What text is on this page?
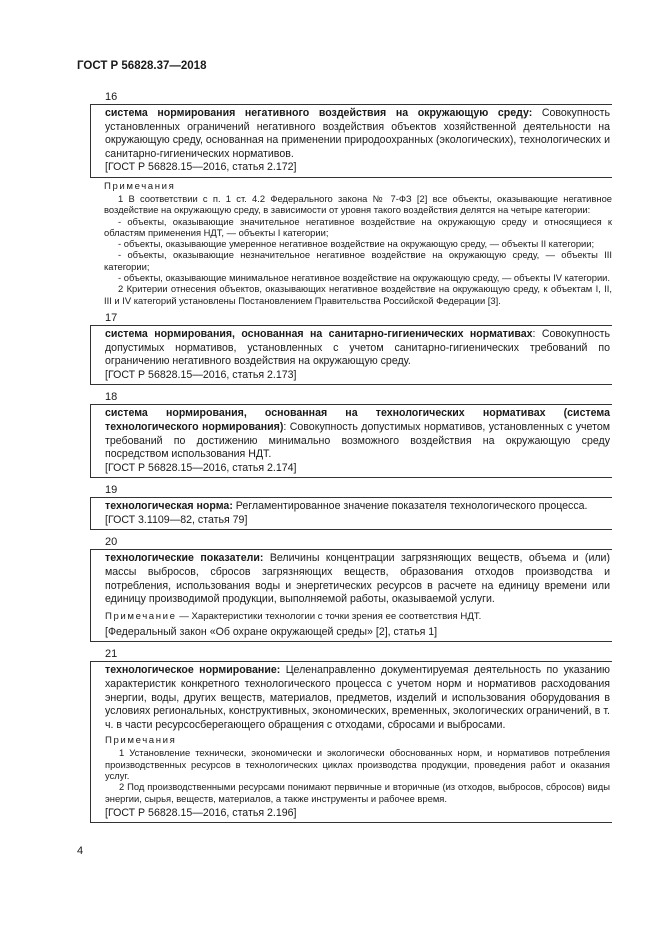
ГОСТ Р 56828.37—2018
16
система нормирования негативного воздействия на окружающую среду: Совокупность установленных ограничений негативного воздействия объектов хозяйственной деятельности на окружающую среду, основанная на применении природоохранных (экологических), технологических и санитарно-гигиенических нормативов.
[ГОСТ Р 56828.15—2016, статья 2.172]
Примечания

1 В соответствии с п. 1 ст. 4.2 Федерального закона № 7-ФЗ [2] все объекты, оказывающие негативное воздействие на окружающую среду, в зависимости от уровня такого воздействия делятся на четыре категории:

- объекты, оказывающие значительное негативное воздействие на окружающую среду и относящиеся к областям применения НДТ, — объекты I категории;

- объекты, оказывающие умеренное негативное воздействие на окружающую среду, — объекты II категории;

- объекты, оказывающие незначительное негативное воздействие на окружающую среду, — объекты III категории;

- объекты, оказывающие минимальное негативное воздействие на окружающую среду, — объекты IV категории.

2 Критерии отнесения объектов, оказывающих негативное воздействие на окружающую среду, к объектам I, II, III и IV категорий установлены Постановлением Правительства Российской Федерации [3].

17
система нормирования, основанная на санитарно-гигиенических нормативах: Совокупность допустимых нормативов, установленных с учетом санитарно-гигиенических требований по ограничению негативного воздействия на окружающую среду.
[ГОСТ Р 56828.15—2016, статья 2.173]
18
система нормирования, основанная на технологических нормативах (система технологического нормирования): Совокупность допустимых нормативов, установленных с учетом требований по достижению минимально возможного воздействия на окружающую среду посредством использования НДТ.
[ГОСТ Р 56828.15—2016, статья 2.174]
19
технологическая норма: Регламентированное значение показателя технологического процесса.
[ГОСТ 3.1109—82, статья 79]
20
технологические показатели: Величины концентрации загрязняющих веществ, объема и (или) массы выбросов, сбросов загрязняющих веществ, образования отходов производства и потребления, использования воды и энергетических ресурсов в расчете на единицу времени или единицу производимой продукции, выполняемой работы, оказываемой услуги.
Примечание — Характеристики технологии с точки зрения ее соответствия НДТ.
[Федеральный закон «Об охране окружающей среды» [2], статья 1]
21
технологическое нормирование: Целенаправленно документируемая деятельность по указанию характеристик конкретного технологического процесса с учетом норм и нормативов расходования энергии, воды, других веществ, материалов, предметов, изделий и использования оборудования в условиях региональных, конструктивных, экономических, временных, экологических ограничений, в т. ч. в части ресурсосберегающего обращения с отходами, сбросами и выбросами.
Примечания

1 Установление технически, экономически и экологически обоснованных норм, и нормативов потребления производственных ресурсов в технологических циклах производства продукции, проведения работ и оказания услуг.

2 Под производственными ресурсами понимают первичные и вторичные (из отходов, выбросов, сбросов) виды энергии, сырья, веществ, материалов, а также инструменты и рабочее время.

[ГОСТ Р 56828.15—2016, статья 2.196]
4
